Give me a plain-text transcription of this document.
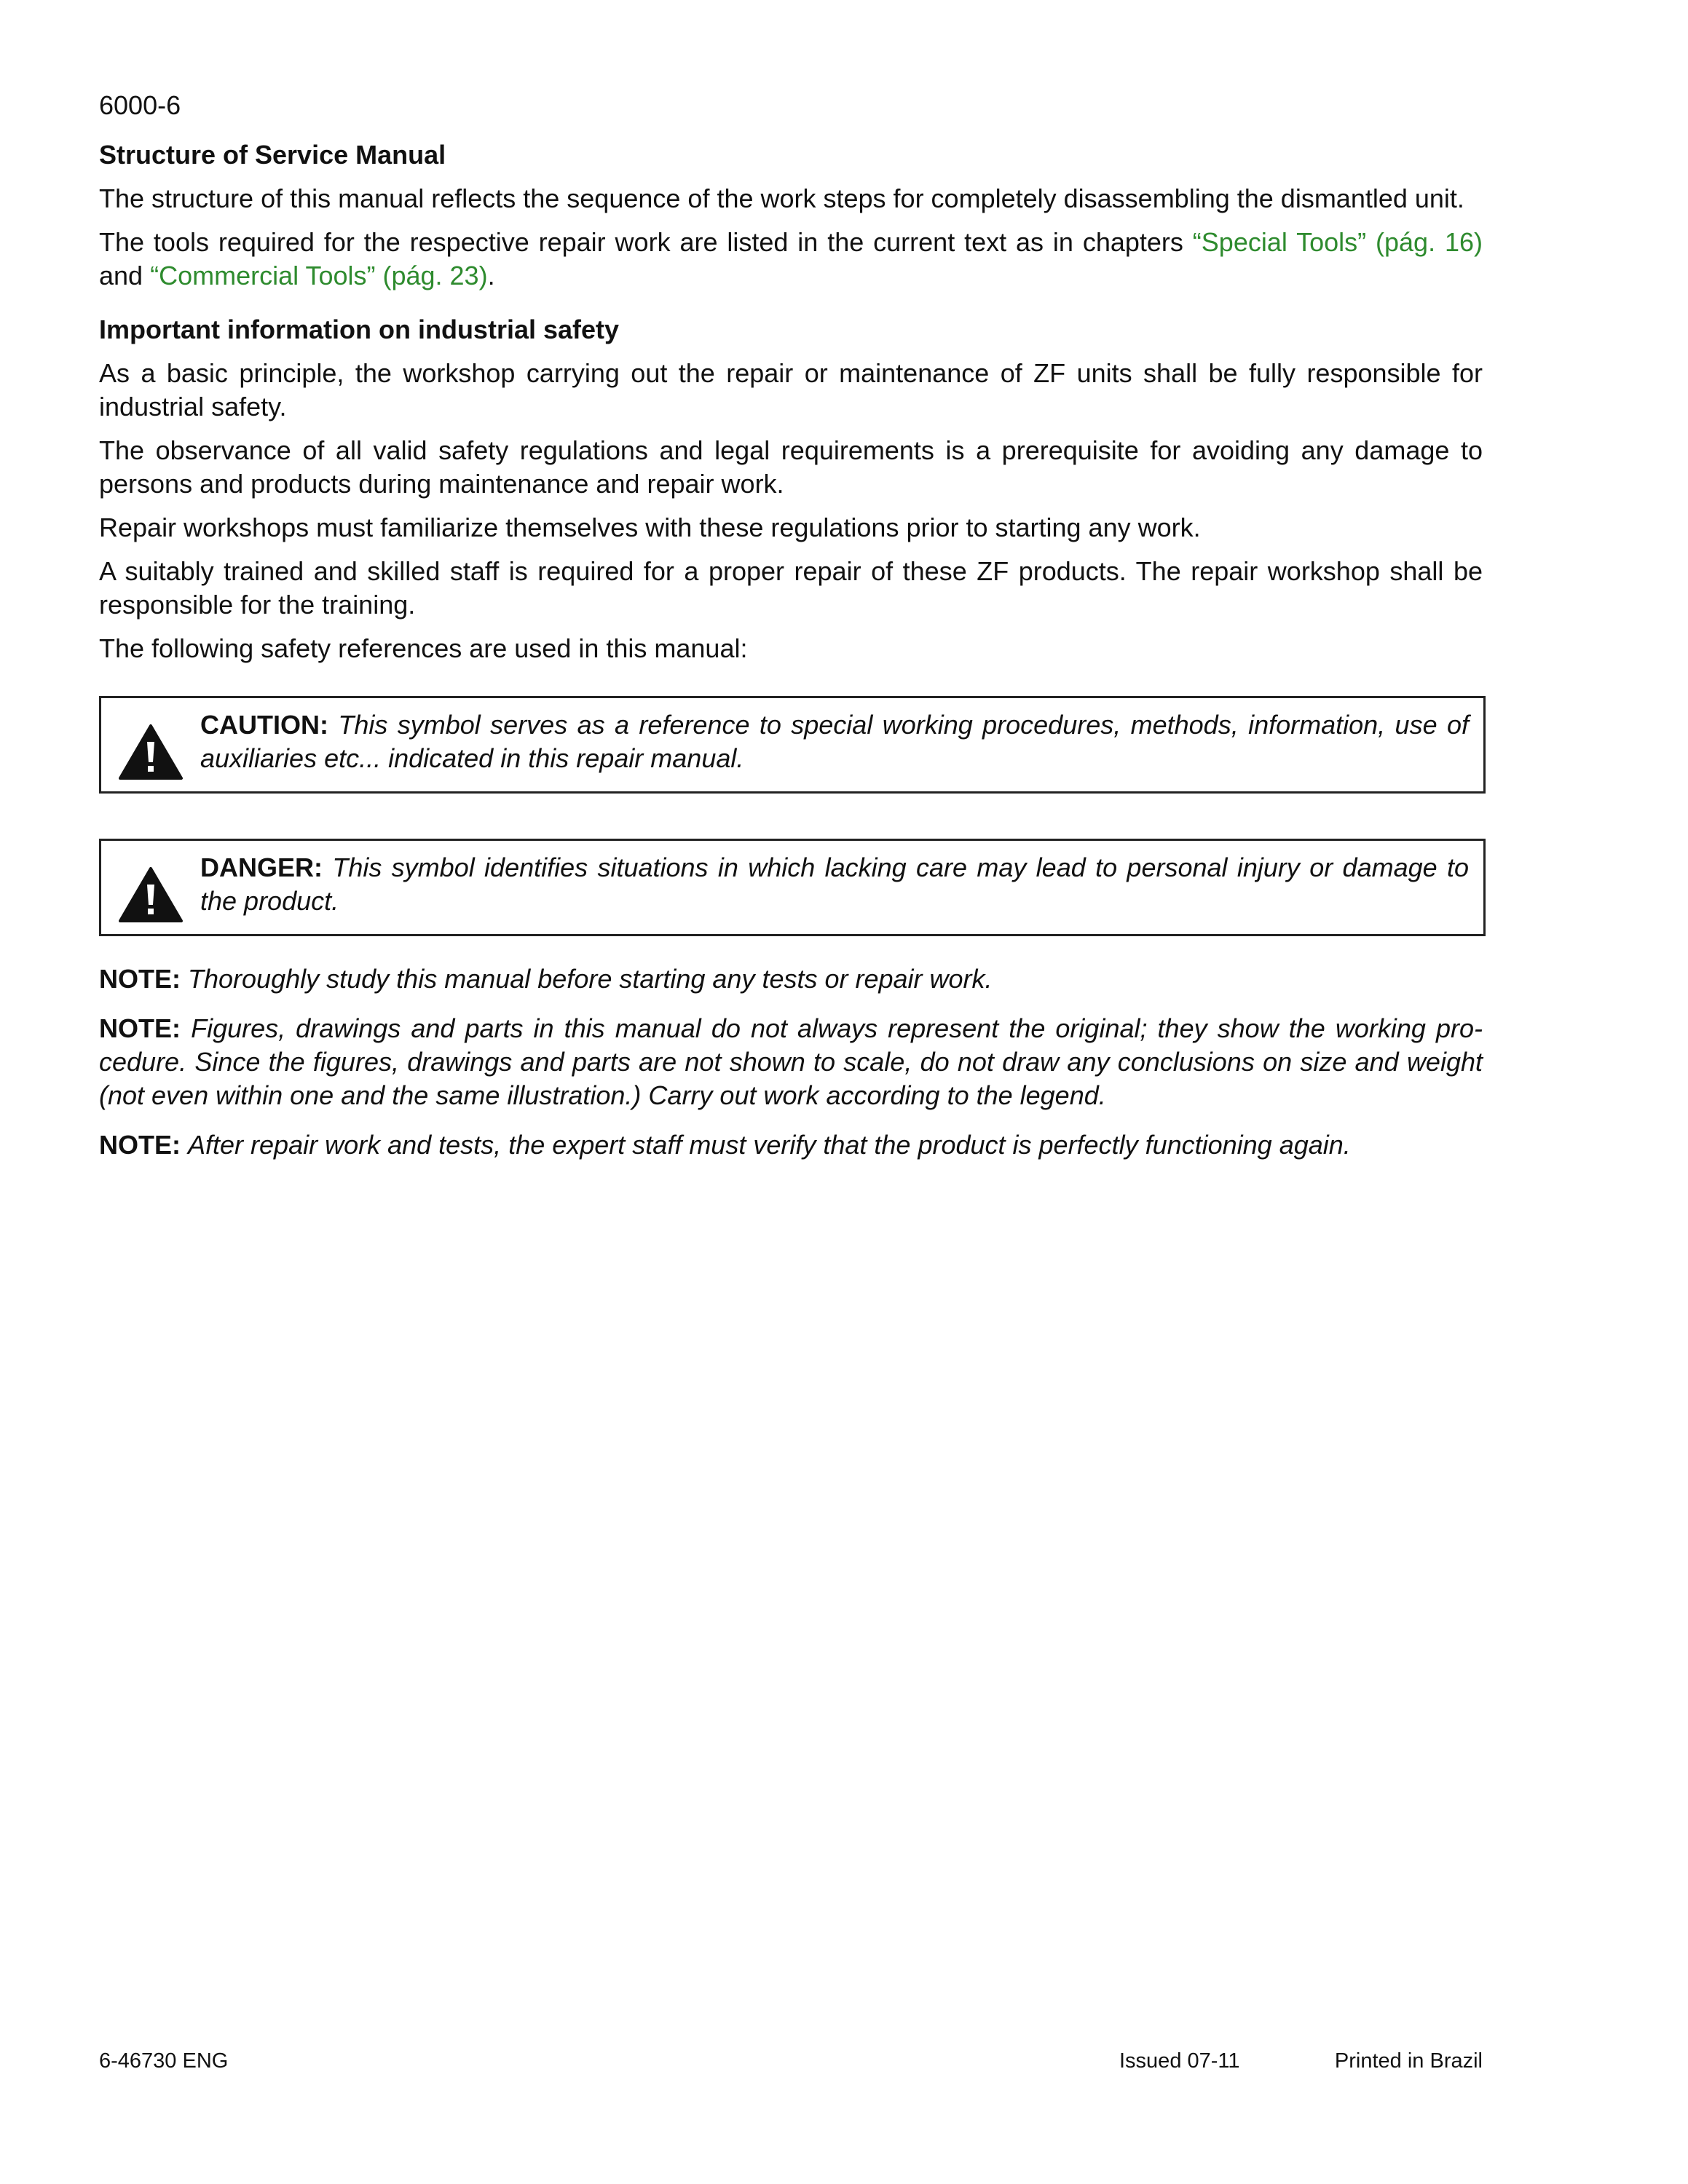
6000-6
Structure of Service Manual

The structure of this manual reflects the sequence of the work steps for completely disassembling the dismantled unit.

The tools required for the respective repair work are listed in the current text as in chapters “Special Tools” (pág. 16) and “Commercial Tools” (pág. 23).

Important information on industrial safety

As a basic principle, the workshop carrying out the repair or maintenance of ZF units shall be fully responsible for industrial safety.

The observance of all valid safety regulations and legal requirements is a prerequisite for avoiding any damage to persons and products during maintenance and repair work.

Repair workshops must familiarize themselves with these regulations prior to starting any work.

A suitably trained and skilled staff is required for a proper repair of these ZF products. The repair workshop shall be responsible for the training.

The following safety references are used in this manual:

CAUTION: This symbol serves as a reference to special working procedures, methods, information, use of auxiliaries etc... indicated in this repair manual.
DANGER: This symbol identifies situations in which lacking care may lead to personal injury or damage to the product.

NOTE: Thoroughly study this manual before starting any tests or repair work.

NOTE: Figures, drawings and parts in this manual do not always represent the original; they show the working pro-cedure. Since the figures, drawings and parts are not shown to scale, do not draw any conclusions on size and weight (not even within one and the same illustration.) Carry out work according to the legend.

NOTE: After repair work and tests, the expert staff must verify that the product is perfectly functioning again.

6-46730 ENG	Issued 07-11	Printed in Brazil
